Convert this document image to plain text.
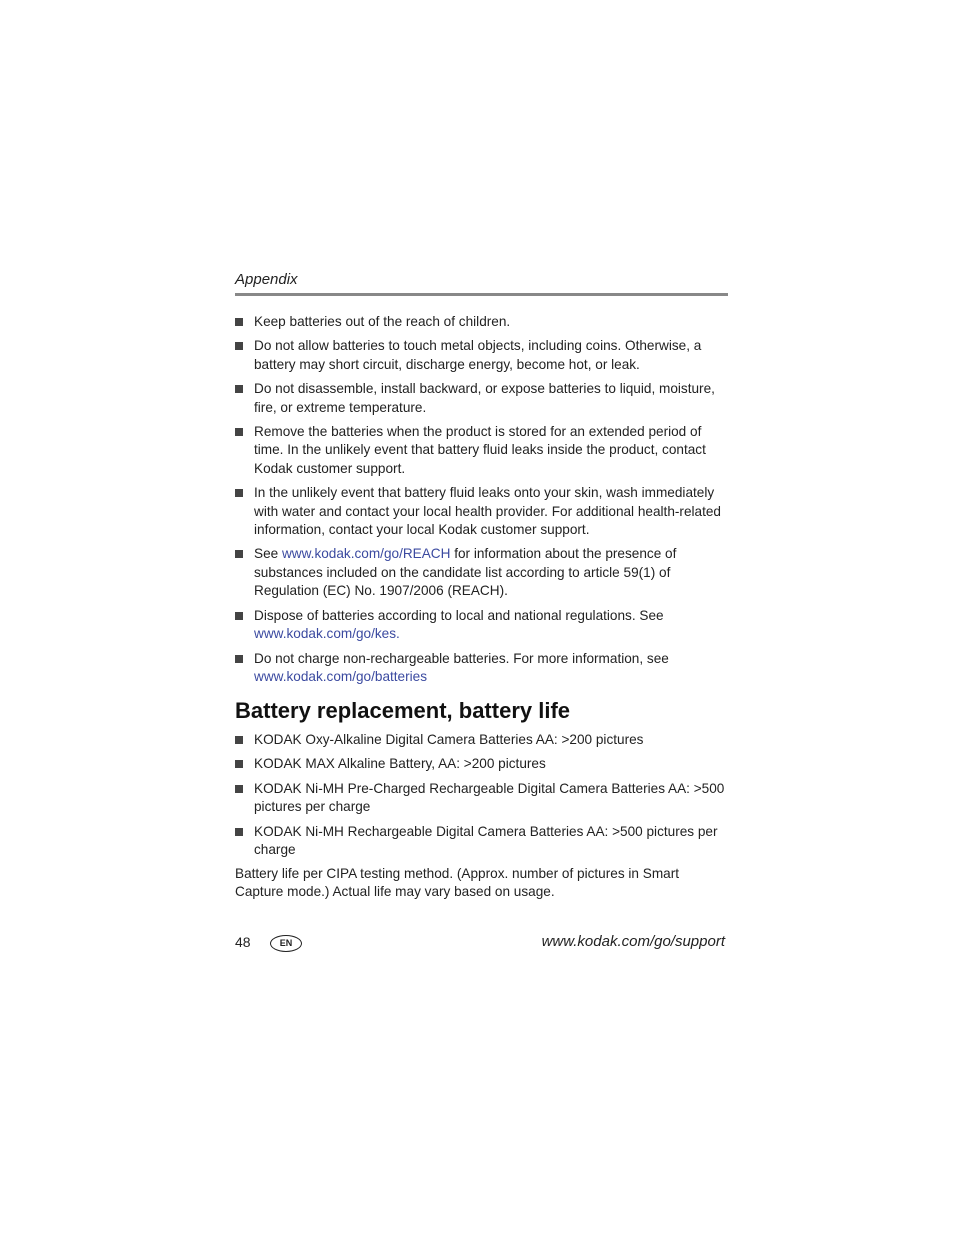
Appendix
Keep batteries out of the reach of children.
Do not allow batteries to touch metal objects, including coins. Otherwise, a battery may short circuit, discharge energy, become hot, or leak.
Do not disassemble, install backward, or expose batteries to liquid, moisture, fire, or extreme temperature.
Remove the batteries when the product is stored for an extended period of time. In the unlikely event that battery fluid leaks inside the product, contact Kodak customer support.
In the unlikely event that battery fluid leaks onto your skin, wash immediately with water and contact your local health provider. For additional health-related information, contact your local Kodak customer support.
See www.kodak.com/go/REACH for information about the presence of substances included on the candidate list according to article 59(1) of Regulation (EC) No. 1907/2006 (REACH).
Dispose of batteries according to local and national regulations. See www.kodak.com/go/kes.
Do not charge non-rechargeable batteries. For more information, see www.kodak.com/go/batteries
Battery replacement, battery life
KODAK Oxy-Alkaline Digital Camera Batteries AA: >200 pictures
KODAK MAX Alkaline Battery, AA: >200 pictures
KODAK Ni-MH Pre-Charged Rechargeable Digital Camera Batteries AA: >500 pictures per charge
KODAK Ni-MH Rechargeable Digital Camera Batteries AA: >500 pictures per charge

Battery life per CIPA testing method. (Approx. number of pictures in Smart Capture mode.) Actual life may vary based on usage.

48	EN	www.kodak.com/go/support
